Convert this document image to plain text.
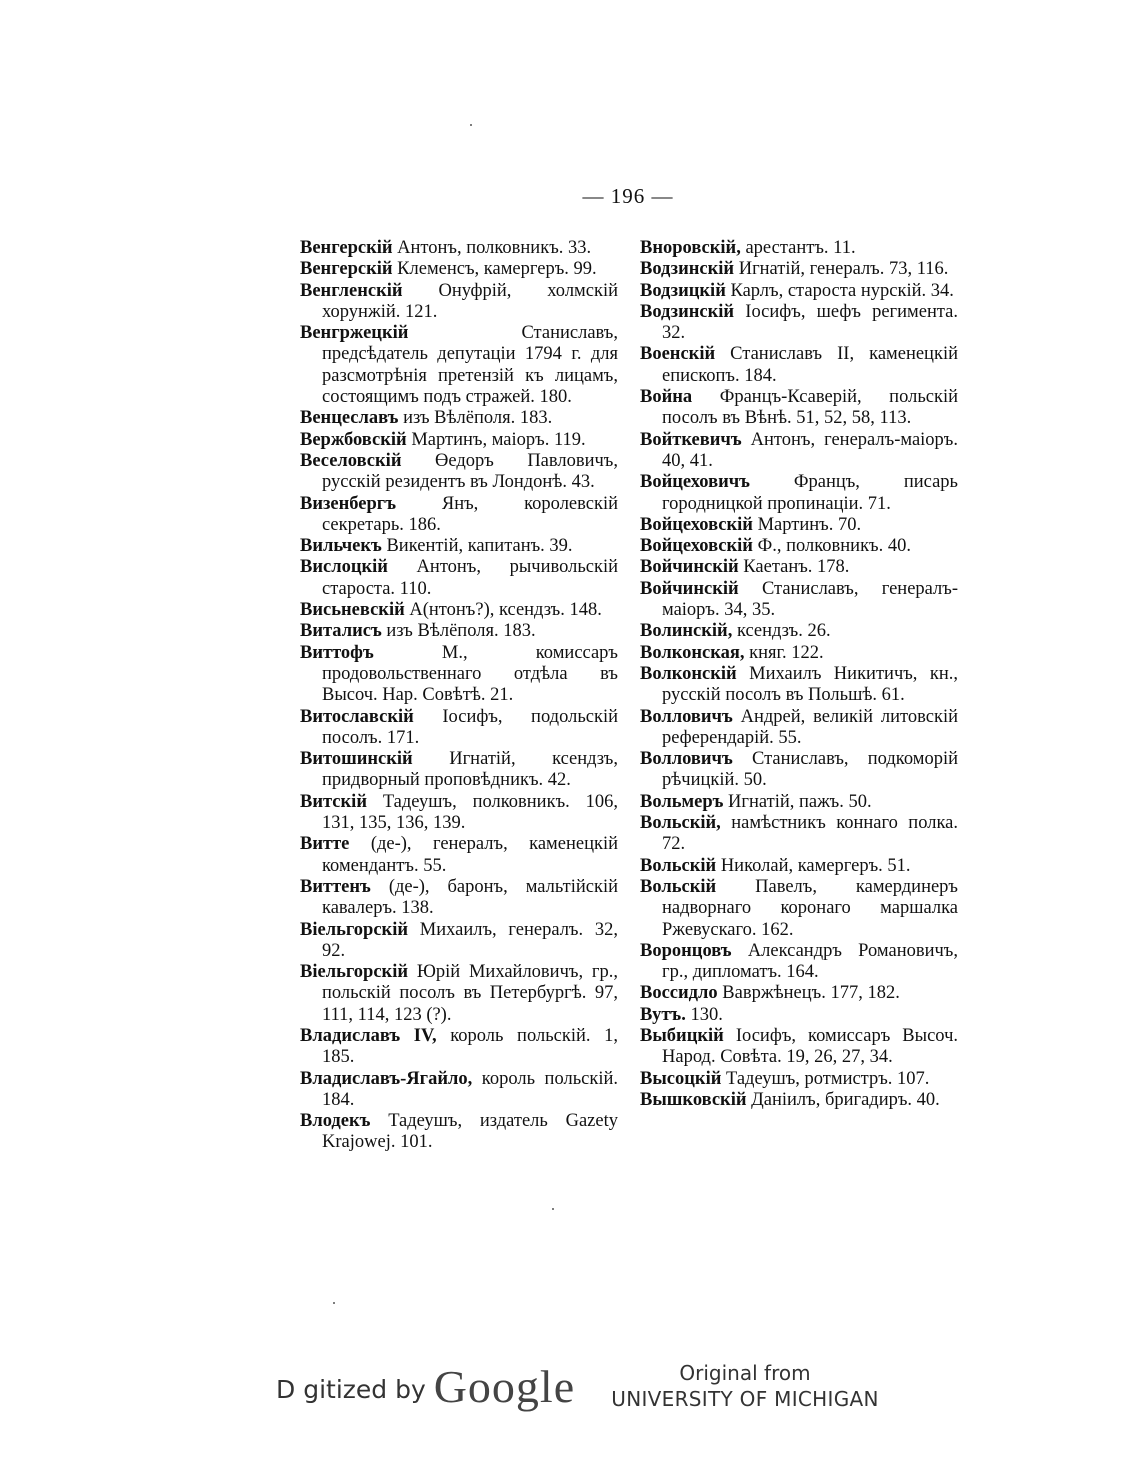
— 196 —

Венгерскій Антонъ, полковникъ. 33.

Венгерскій Клеменсъ, камергеръ. 99.

Венгленскій Онуфрій, холмскій хорунжій. 121.

Венгржецкій Станиславъ, предсѣдатель депутаціи 1794 г. для разсмотрѣнія претензій къ лицамъ, состоящимъ подъ стражей. 180.

Венцеславъ изъ Вѣлёполя. 183.

Вержбовскій Мартинъ, маіоръ. 119.

Веселовскій Өедоръ Павловичъ, русскій резидентъ въ Лондонѣ. 43.

Визенбергъ Янъ, королевскій секретарь. 186.

Вильчекъ Викентій, капитанъ. 39.

Вислоцкій Антонъ, рычивольскій староста. 110.

Висьневскій А(нтонъ?), ксендзъ. 148.

Виталисъ изъ Вѣлёполя. 183.

Виттофъ М., комиссаръ продовольственнаго отдѣла въ Высоч. Нар. Совѣтѣ. 21.

Витославскій Іосифъ, подольскій посолъ. 171.

Витошинскій Игнатій, ксендзъ, придворный проповѣдникъ. 42.

Витскій Тадеушъ, полковникъ. 106, 131, 135, 136, 139.

Витте (де-), генералъ, каменецкій комендантъ. 55.

Виттенъ (де-), баронъ, мальтійскій кавалеръ. 138.

Віельгорскій Михаилъ, генералъ. 32, 92.

Віельгорскій Юрій Михайловичъ, гр., польскій посолъ въ Петербургѣ. 97, 111, 114, 123 (?).

Владиславъ IV, король польскій. 1, 185.

Владиславъ-Ягайло, король польскій. 184.

Влодекъ Тадеушъ, издатель Gazety Krajowej. 101.

Вноровскій, арестантъ. 11.

Водзинскій Игнатій, генералъ. 73, 116.

Водзицкій Карлъ, староста нурскій. 34.

Водзинскій Іосифъ, шефъ регимента. 32.

Военскій Станиславъ II, каменецкій епископъ. 184.

Война Францъ-Ксаверій, польскій посолъ въ Вѣнѣ. 51, 52, 58, 113.

Войткевичъ Антонъ, генералъ-маіоръ. 40, 41.

Войцеховичъ Францъ, писарь городницкой пропинаціи. 71.

Войцеховскій Мартинъ. 70.

Войцеховскій Ф., полковникъ. 40.

Войчинскій Каетанъ. 178.

Войчинскій Станиславъ, генералъ-маіоръ. 34, 35.

Волинскій, ксендзъ. 26.

Волконская, княг. 122.

Волконскій Михаилъ Никитичъ, кн., русскій посолъ въ Польшѣ. 61.

Волловичъ Андрей, великій литовскій референдарій. 55.

Волловичъ Станиславъ, подкоморій рѣчицкій. 50.

Вольмеръ Игнатій, пажъ. 50.

Вольскій, намѣстникъ коннаго полка. 72.

Вольскій Николай, камергеръ. 51.

Вольскій Павелъ, камердинеръ надворнаго коронаго маршалка Ржевускаго. 162.

Воронцовъ Александръ Романовичъ, гр., дипломатъ. 164.

Воссидло Вавржѣнецъ. 177, 182.

Вутъ. 130.

Выбицкій Іосифъ, комиссаръ Высоч. Народ. Совѣта. 19, 26, 27, 34.

Высоцкій Тадеушъ, ротмистръ. 107.

Вышковскій Даніилъ, бригадиръ. 40.

D gitized by Google	Original from
UNIVERSITY OF MICHIGAN
